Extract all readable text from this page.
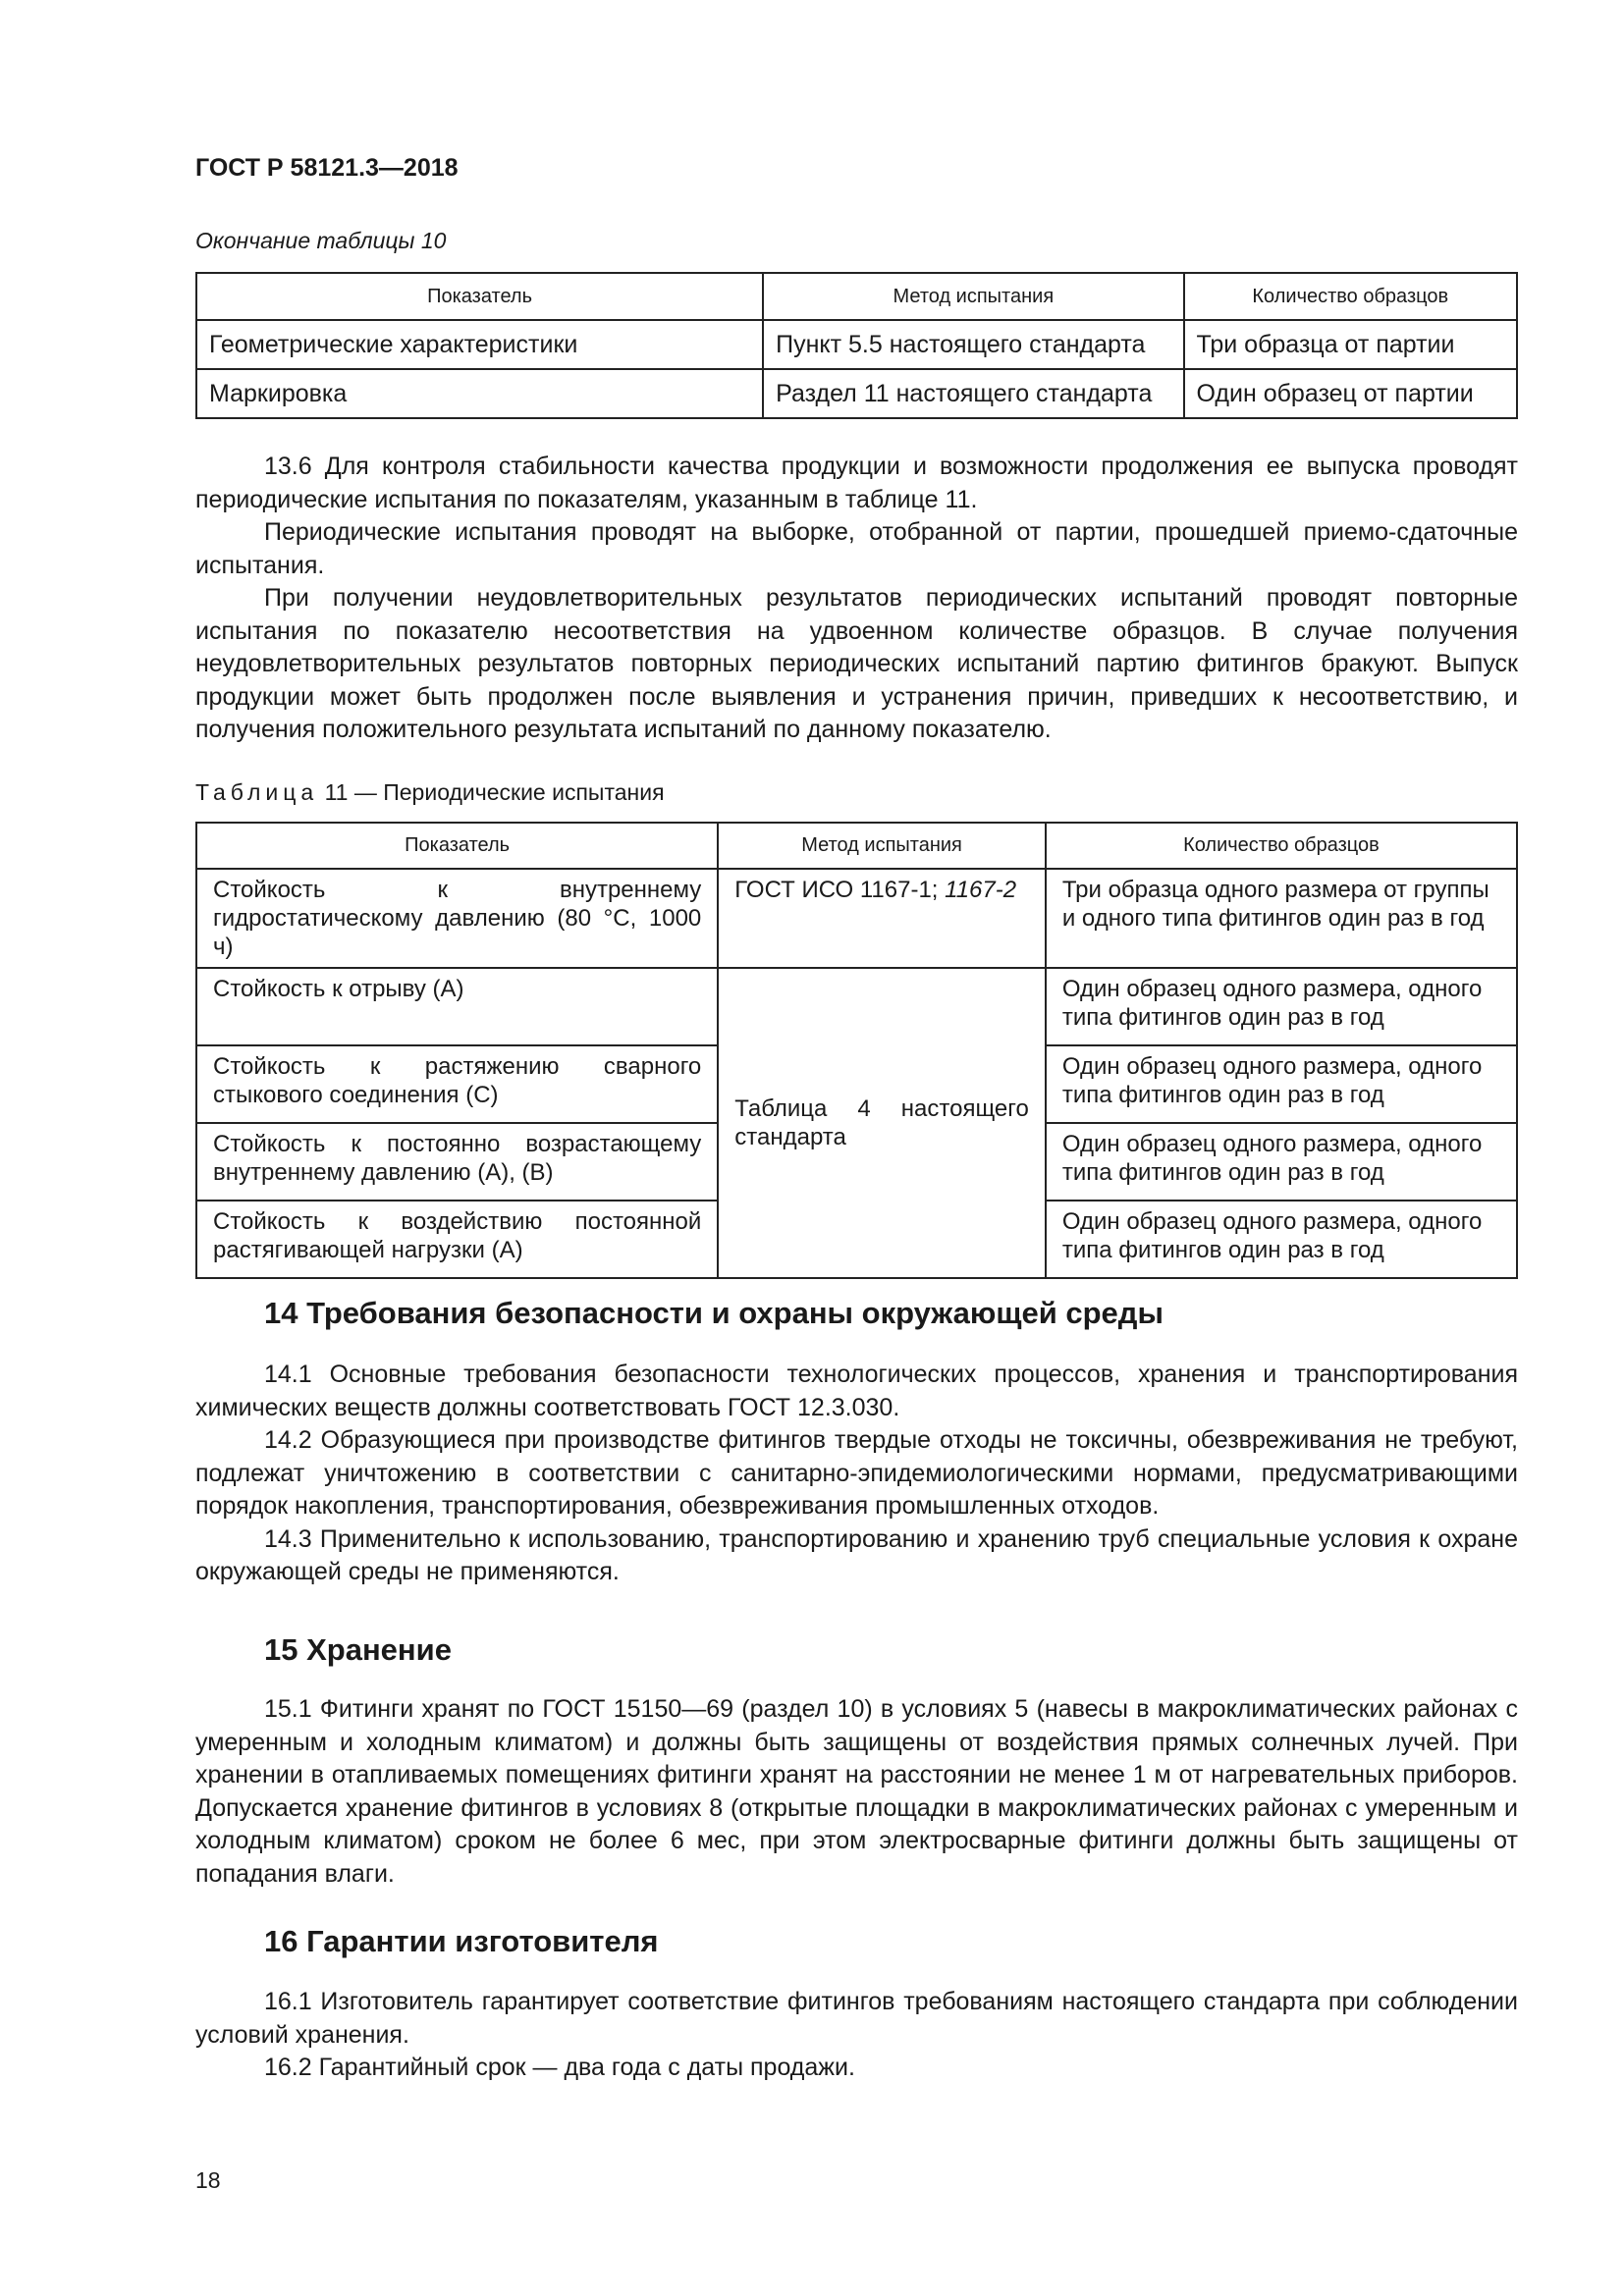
ГОСТ Р 58121.3—2018
Окончание таблицы 10
Показатель	Метод испытания	Количество образцов
Геометрические характеристики	Пункт 5.5 настоящего стандарта	Три образца от партии
Маркировка	Раздел 11 настоящего стандарта	Один образец от партии

13.6 Для контроля стабильности качества продукции и возможности продолжения ее выпуска проводят периодические испытания по показателям, указанным в таблице 11.

Периодические испытания проводят на выборке, отобранной от партии, прошедшей приемо-сдаточные испытания.

При получении неудовлетворительных результатов периодических испытаний проводят повторные испытания по показателю несоответствия на удвоенном количестве образцов. В случае получения неудовлетворительных результатов повторных периодических испытаний партию фитингов бракуют. Выпуск продукции может быть продолжен после выявления и устранения причин, приведших к несоответствию, и получения положительного результата испытаний по данному показателю.

Таблица 11 — Периодические испытания
Показатель	Метод испытания	Количество образцов
Стойкость к внутреннему гидростатическому давлению (80 °С, 1000 ч)	ГОСТ ИСО 1167-1; 1167-2	Три образца одного размера от группы и одного типа фитингов один раз в год
Стойкость к отрыву (А)	Таблица 4 настоящего стандарта	Один образец одного размера, одного типа фитингов один раз в год
Стойкость к растяжению сварного стыкового соединения (С)		Один образец одного размера, одного типа фитингов один раз в год
Стойкость к постоянно возрастающему внутреннему давлению (А), (В)		Один образец одного размера, одного типа фитингов один раз в год
Стойкость к воздействию постоянной растягивающей нагрузки (А)		Один образец одного размера, одного типа фитингов один раз в год
14 Требования безопасности и охраны окружающей среды

14.1 Основные требования безопасности технологических процессов, хранения и транспортирования химических веществ должны соответствовать ГОСТ 12.3.030.

14.2 Образующиеся при производстве фитингов твердые отходы не токсичны, обезвреживания не требуют, подлежат уничтожению в соответствии с санитарно-эпидемиологическими нормами, предусматривающими порядок накопления, транспортирования, обезвреживания промышленных отходов.

14.3 Применительно к использованию, транспортированию и хранению труб специальные условия к охране окружающей среды не применяются.

15 Хранение

15.1 Фитинги хранят по ГОСТ 15150—69 (раздел 10) в условиях 5 (навесы в макроклиматических районах с умеренным и холодным климатом) и должны быть защищены от воздействия прямых солнечных лучей. При хранении в отапливаемых помещениях фитинги хранят на расстоянии не менее 1 м от нагревательных приборов. Допускается хранение фитингов в условиях 8 (открытые площадки в макроклиматических районах с умеренным и холодным климатом) сроком не более 6 мес, при этом электросварные фитинги должны быть защищены от попадания влаги.

16 Гарантии изготовителя

16.1 Изготовитель гарантирует соответствие фитингов требованиям настоящего стандарта при соблюдении условий хранения.

16.2 Гарантийный срок — два года с даты продажи.

18
